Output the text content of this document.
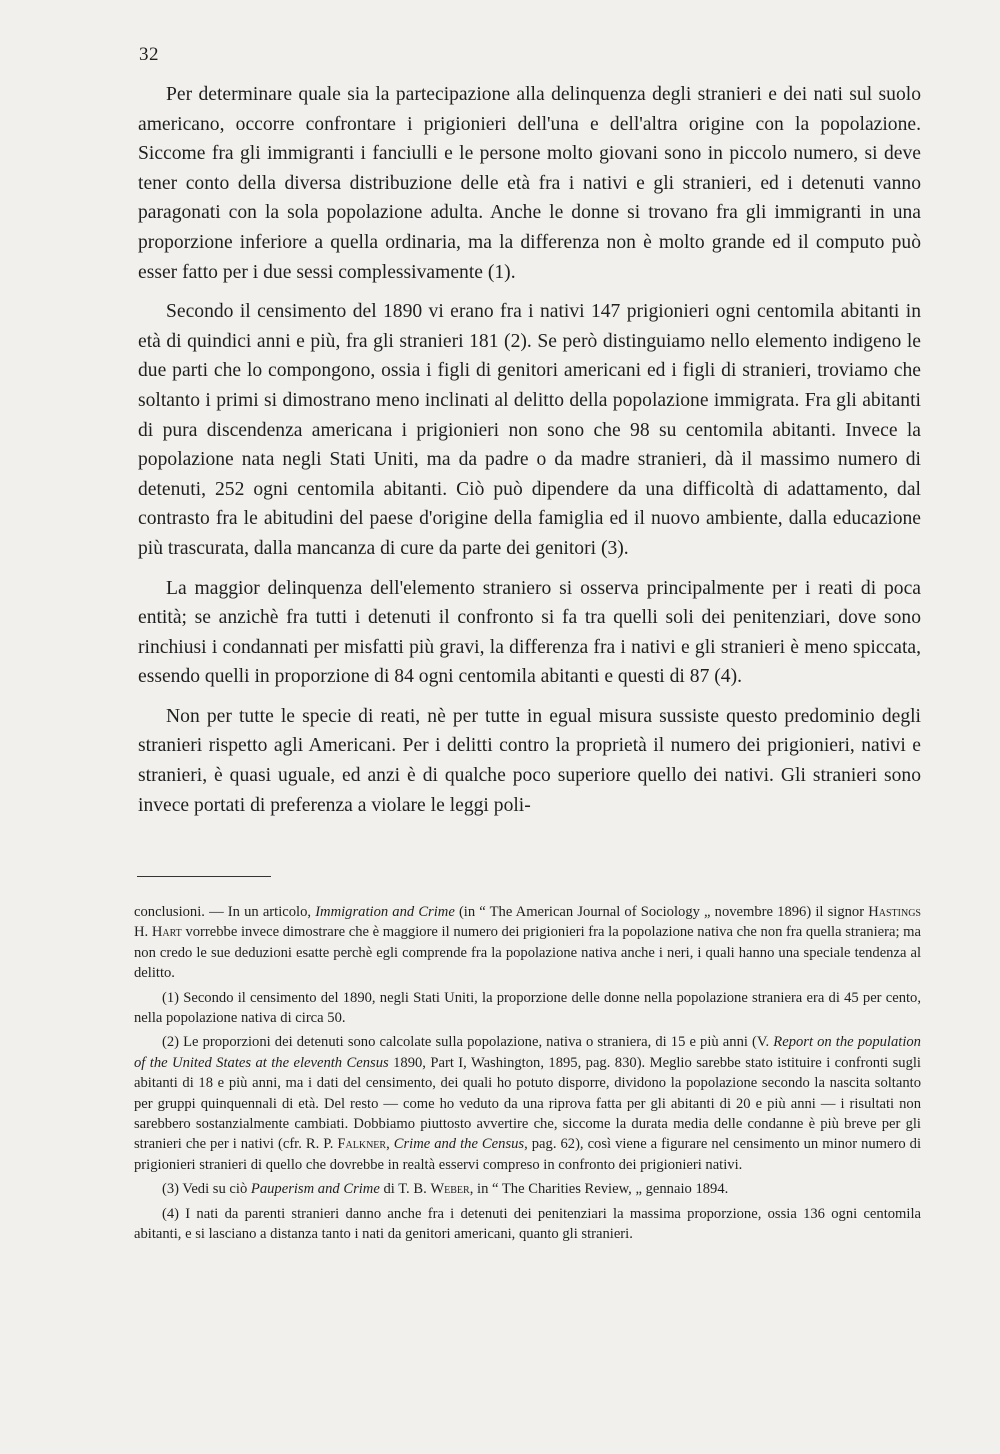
32

Per determinare quale sia la partecipazione alla delinquenza degli stranieri e dei nati sul suolo americano, occorre confrontare i prigionieri dell'una e dell'altra origine con la popolazione. Siccome fra gli immigranti i fanciulli e le persone molto giovani sono in piccolo numero, si deve tener conto della diversa distribuzione delle età fra i nativi e gli stranieri, ed i detenuti vanno paragonati con la sola popolazione adulta. Anche le donne si trovano fra gli immigranti in una proporzione inferiore a quella ordinaria, ma la differenza non è molto grande ed il computo può esser fatto per i due sessi complessivamente (1).

Secondo il censimento del 1890 vi erano fra i nativi 147 prigionieri ogni centomila abitanti in età di quindici anni e più, fra gli stranieri 181 (2). Se però distinguiamo nello elemento indigeno le due parti che lo compongono, ossia i figli di genitori americani ed i figli di stranieri, troviamo che soltanto i primi si dimostrano meno inclinati al delitto della popolazione immigrata. Fra gli abitanti di pura discendenza americana i prigionieri non sono che 98 su centomila abitanti. Invece la popolazione nata negli Stati Uniti, ma da padre o da madre stranieri, dà il massimo numero di detenuti, 252 ogni centomila abitanti. Ciò può dipendere da una difficoltà di adattamento, dal contrasto fra le abitudini del paese d'origine della famiglia ed il nuovo ambiente, dalla educazione più trascurata, dalla mancanza di cure da parte dei genitori (3).

La maggior delinquenza dell'elemento straniero si osserva principalmente per i reati di poca entità; se anzichè fra tutti i detenuti il confronto si fa tra quelli soli dei penitenziari, dove sono rinchiusi i condannati per misfatti più gravi, la differenza fra i nativi e gli stranieri è meno spiccata, essendo quelli in proporzione di 84 ogni centomila abitanti e questi di 87 (4).

Non per tutte le specie di reati, nè per tutte in egual misura sussiste questo predominio degli stranieri rispetto agli Americani. Per i delitti contro la proprietà il numero dei prigionieri, nativi e stranieri, è quasi uguale, ed anzi è di qualche poco superiore quello dei nativi. Gli stranieri sono invece portati di preferenza a violare le leggi poli-

conclusioni. — In un articolo, Immigration and Crime (in “ The American Journal of Sociology „ novembre 1896) il signor Hastings H. Hart vorrebbe invece dimostrare che è maggiore il numero dei prigionieri fra la popolazione nativa che non fra quella straniera; ma non credo le sue deduzioni esatte perchè egli comprende fra la popolazione nativa anche i neri, i quali hanno una speciale tendenza al delitto.

(1) Secondo il censimento del 1890, negli Stati Uniti, la proporzione delle donne nella popolazione straniera era di 45 per cento, nella popolazione nativa di circa 50.

(2) Le proporzioni dei detenuti sono calcolate sulla popolazione, nativa o straniera, di 15 e più anni (V. Report on the population of the United States at the eleventh Census 1890, Part I, Washington, 1895, pag. 830). Meglio sarebbe stato istituire i confronti sugli abitanti di 18 e più anni, ma i dati del censimento, dei quali ho potuto disporre, dividono la popolazione secondo la nascita soltanto per gruppi quinquennali di età. Del resto — come ho veduto da una riprova fatta per gli abitanti di 20 e più anni — i risultati non sarebbero sostanzialmente cambiati. Dobbiamo piuttosto avvertire che, siccome la durata media delle condanne è più breve per gli stranieri che per i nativi (cfr. R. P. Falkner, Crime and the Census, pag. 62), così viene a figurare nel censimento un minor numero di prigionieri stranieri di quello che dovrebbe in realtà esservi compreso in confronto dei prigionieri nativi.

(3) Vedi su ciò Pauperism and Crime di T. B. Weber, in “ The Charities Review, „ gennaio 1894.

(4) I nati da parenti stranieri danno anche fra i detenuti dei penitenziari la massima proporzione, ossia 136 ogni centomila abitanti, e si lasciano a distanza tanto i nati da genitori americani, quanto gli stranieri.
